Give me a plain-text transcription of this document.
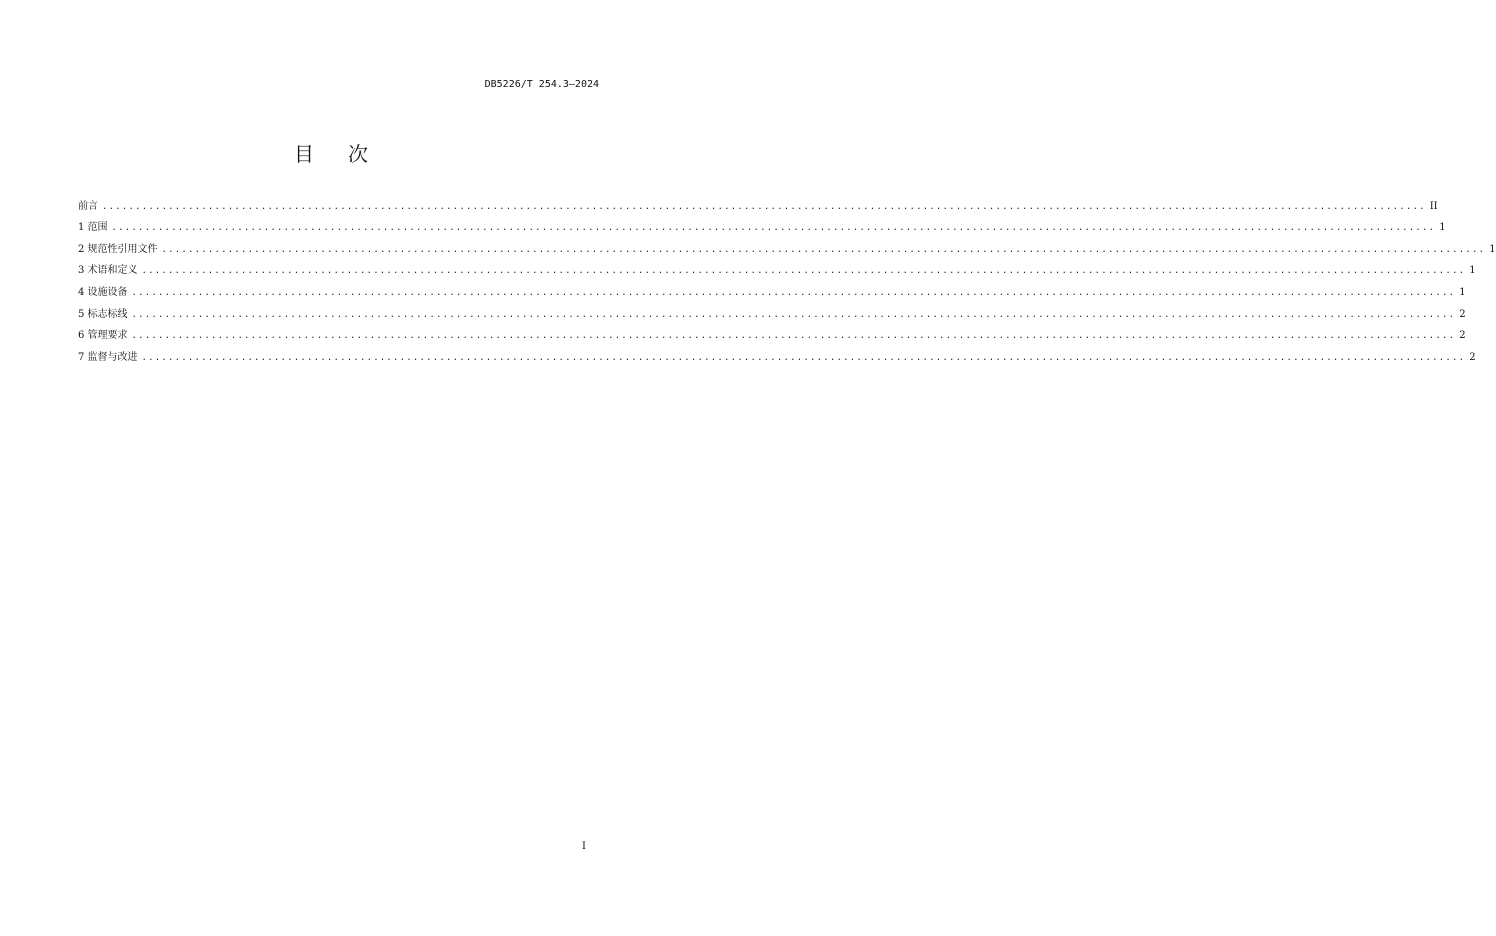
DB5226/T 254.3—2024
目次
前言 ........................................................................................................................................................................................................ II
1 范围 ........................................................................................................................................................................................................ 1
2 规范性引用文件 ........................................................................................................................................................................................................ 1
3 术语和定义 ........................................................................................................................................................................................................ 1
4 设施设备 ........................................................................................................................................................................................................ 1
5 标志标线 ........................................................................................................................................................................................................ 2
6 管理要求 ........................................................................................................................................................................................................ 2
7 监督与改进 ........................................................................................................................................................................................................ 2
I
